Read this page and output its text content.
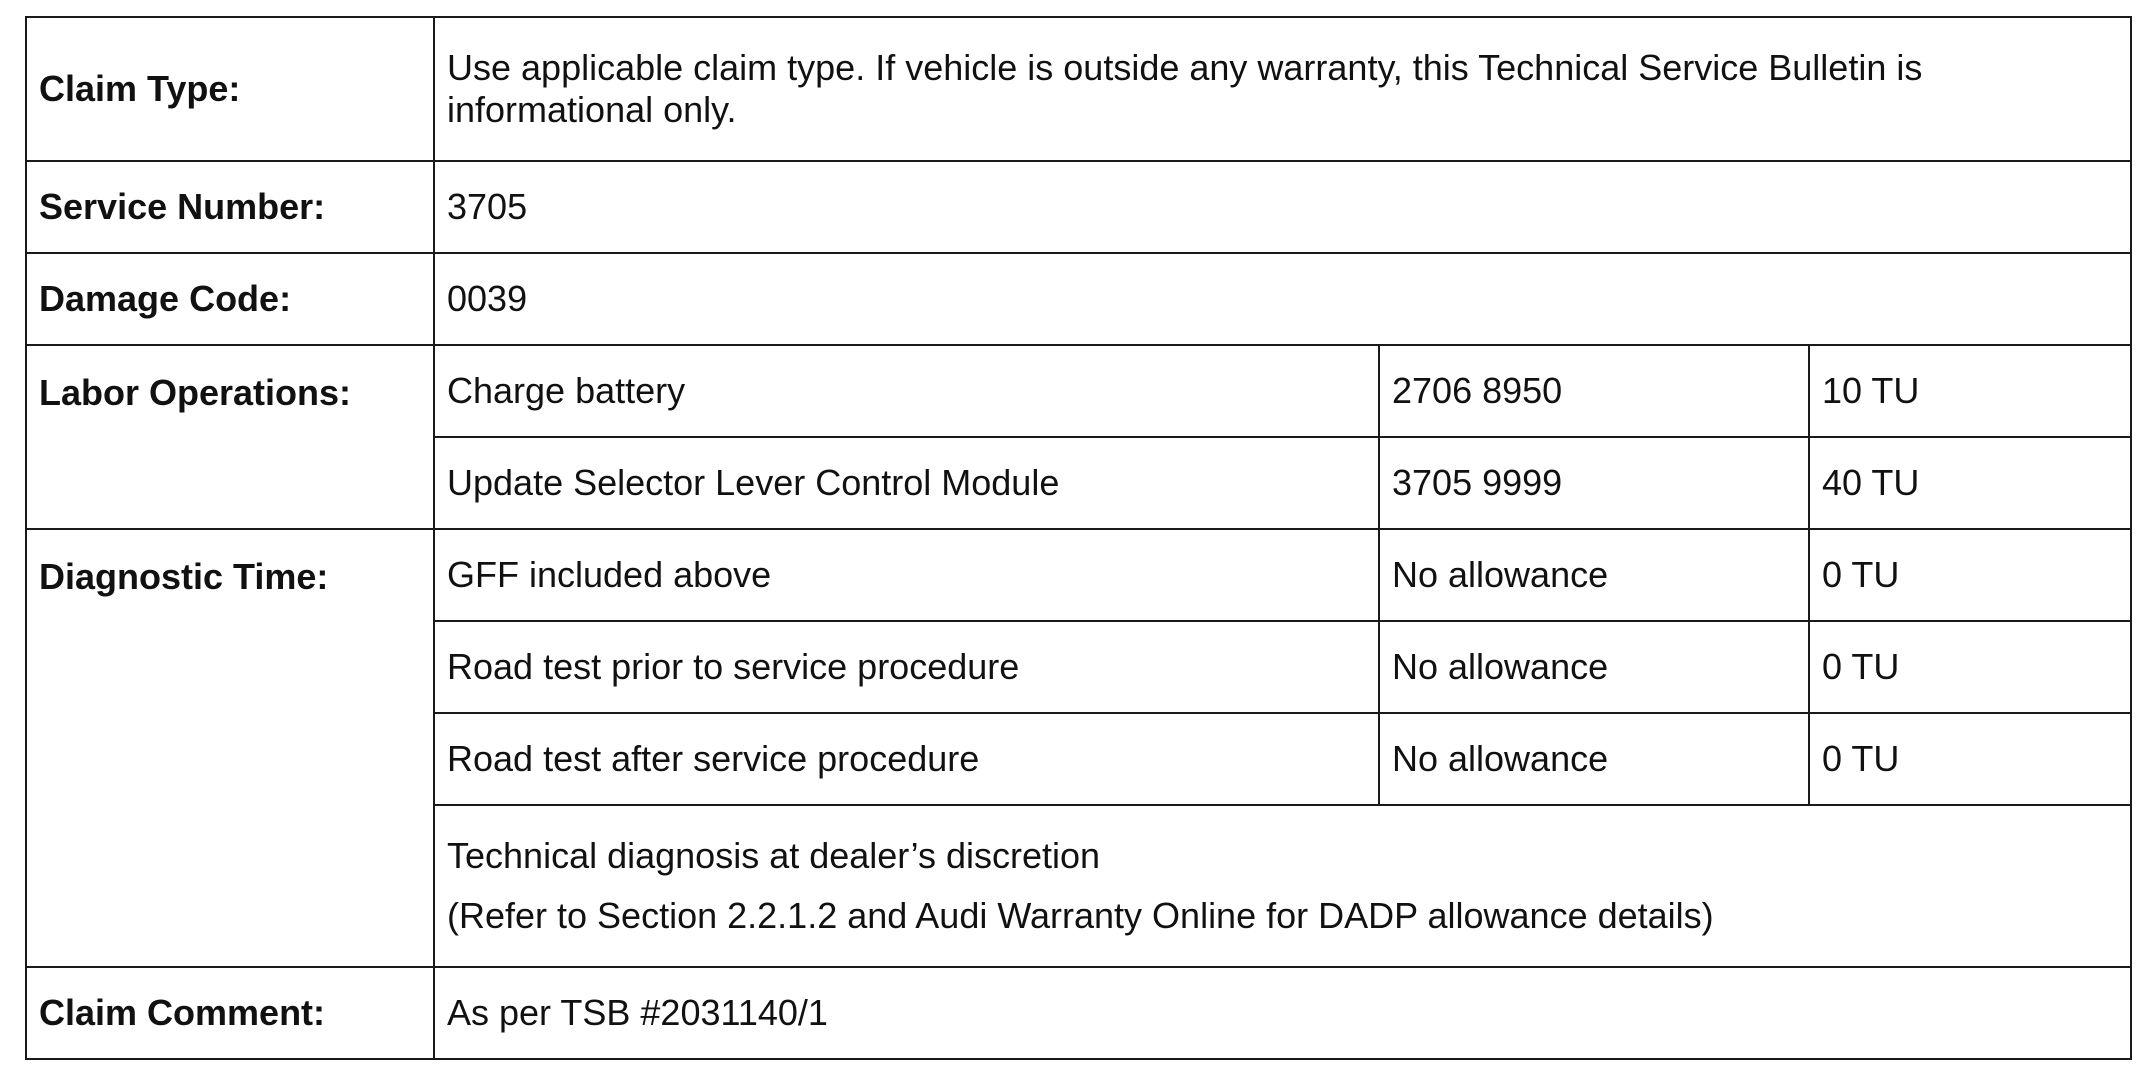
Claim Type:	Use applicable claim type. If vehicle is outside any warranty, this Technical Service Bulletin is informational only.		
Service Number:	3705		
Damage Code:	0039		
Labor Operations:	Charge battery	2706 8950	10 TU
	Update Selector Lever Control Module	3705 9999	40 TU
Diagnostic Time:	GFF included above	No allowance	0 TU
	Road test prior to service procedure	No allowance	0 TU
	Road test after service procedure	No allowance	0 TU

	Technical diagnosis at dealer’s discretion
(Refer to Section 2.2.1.2 and Audi Warranty Online for DADP allowance details)		

Claim Comment:	As per TSB #2031140/1		
